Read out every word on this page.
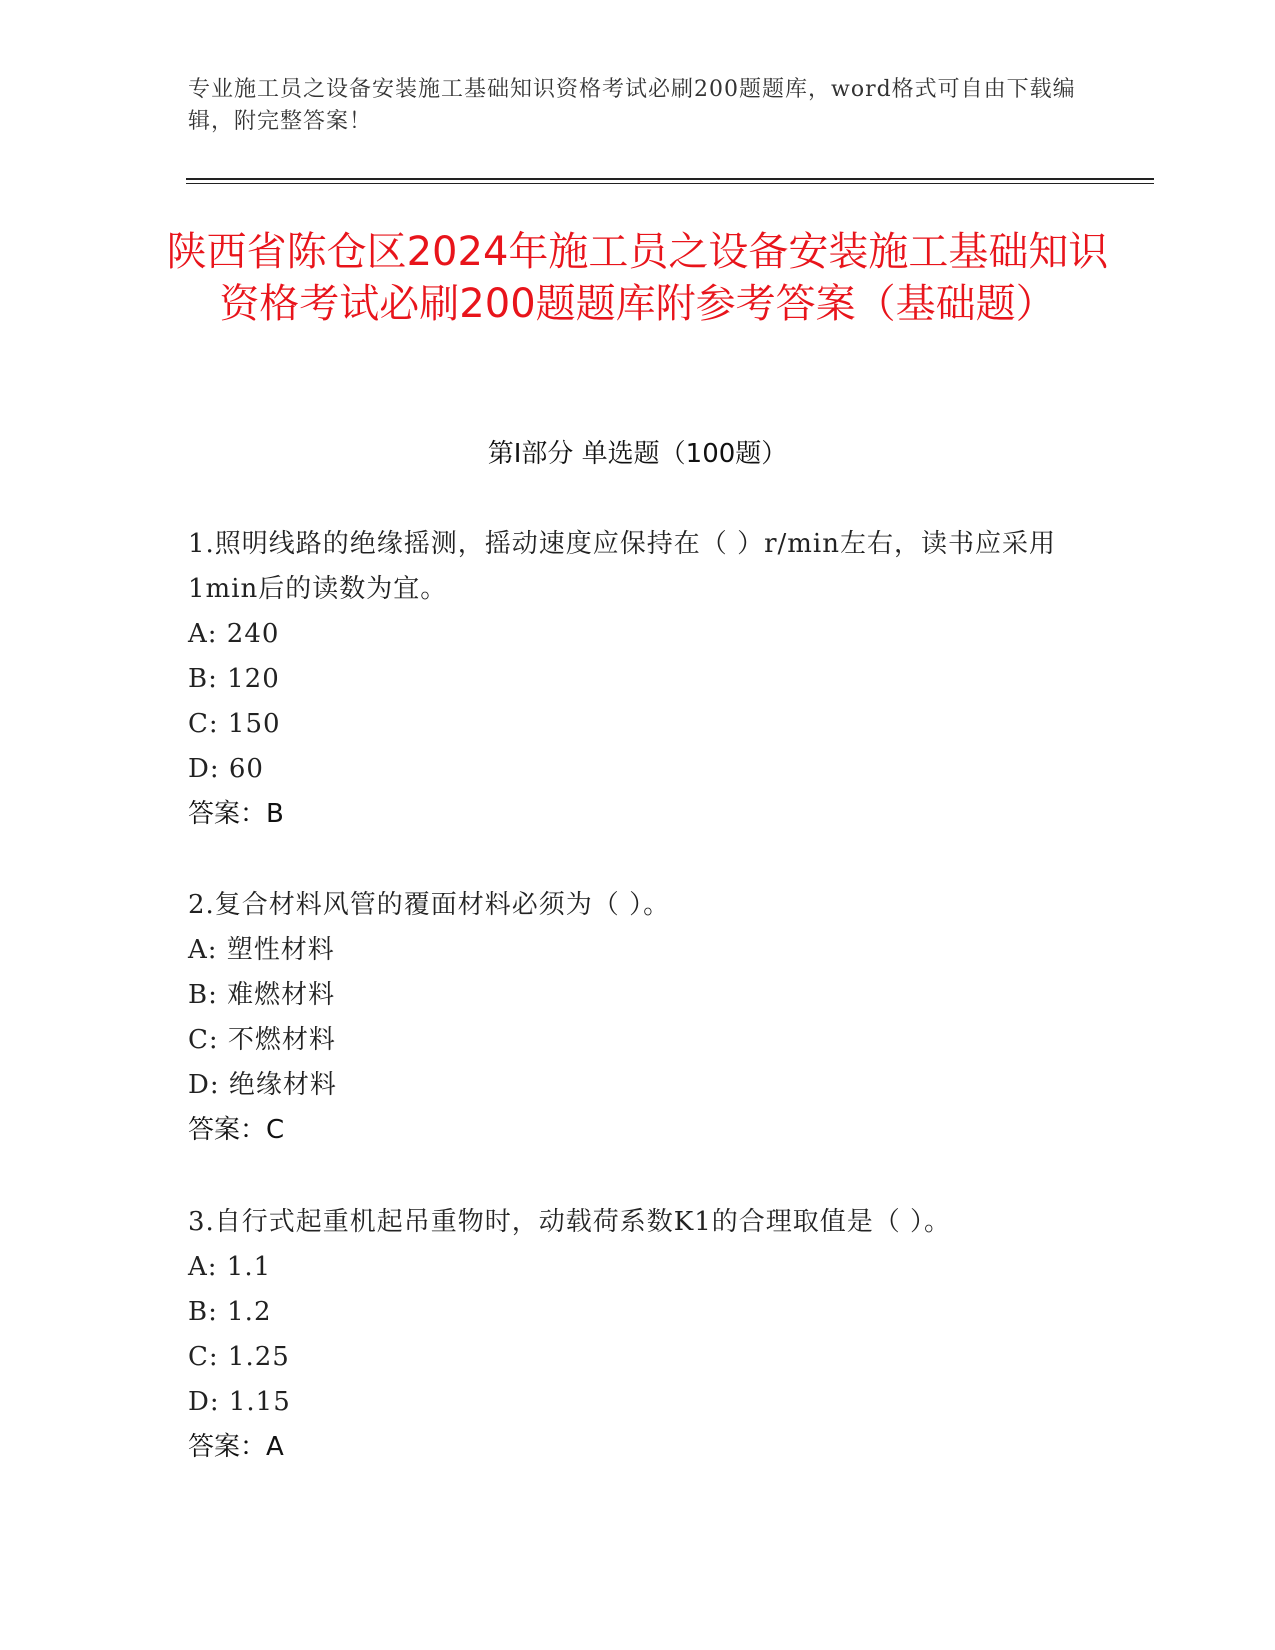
专业施工员之设备安装施工基础知识资格考试必刷200题题库，word格式可自由下载编辑，附完整答案！
陕西省陈仓区2024年施工员之设备安装施工基础知识资格考试必刷200题题库附参考答案（基础题）
第Ⅰ部分 单选题（100题）
1.照明线路的绝缘摇测，摇动速度应保持在（ ）r/min左右，读书应采用1min后的读数为宜。
A: 240
B: 120
C: 150
D: 60
答案：B
2.复合材料风管的覆面材料必须为（ ）。
A: 塑性材料
B: 难燃材料
C: 不燃材料
D: 绝缘材料
答案：C
3.自行式起重机起吊重物时，动载荷系数K1的合理取值是（ ）。
A: 1.1
B: 1.2
C: 1.25
D: 1.15
答案：A
